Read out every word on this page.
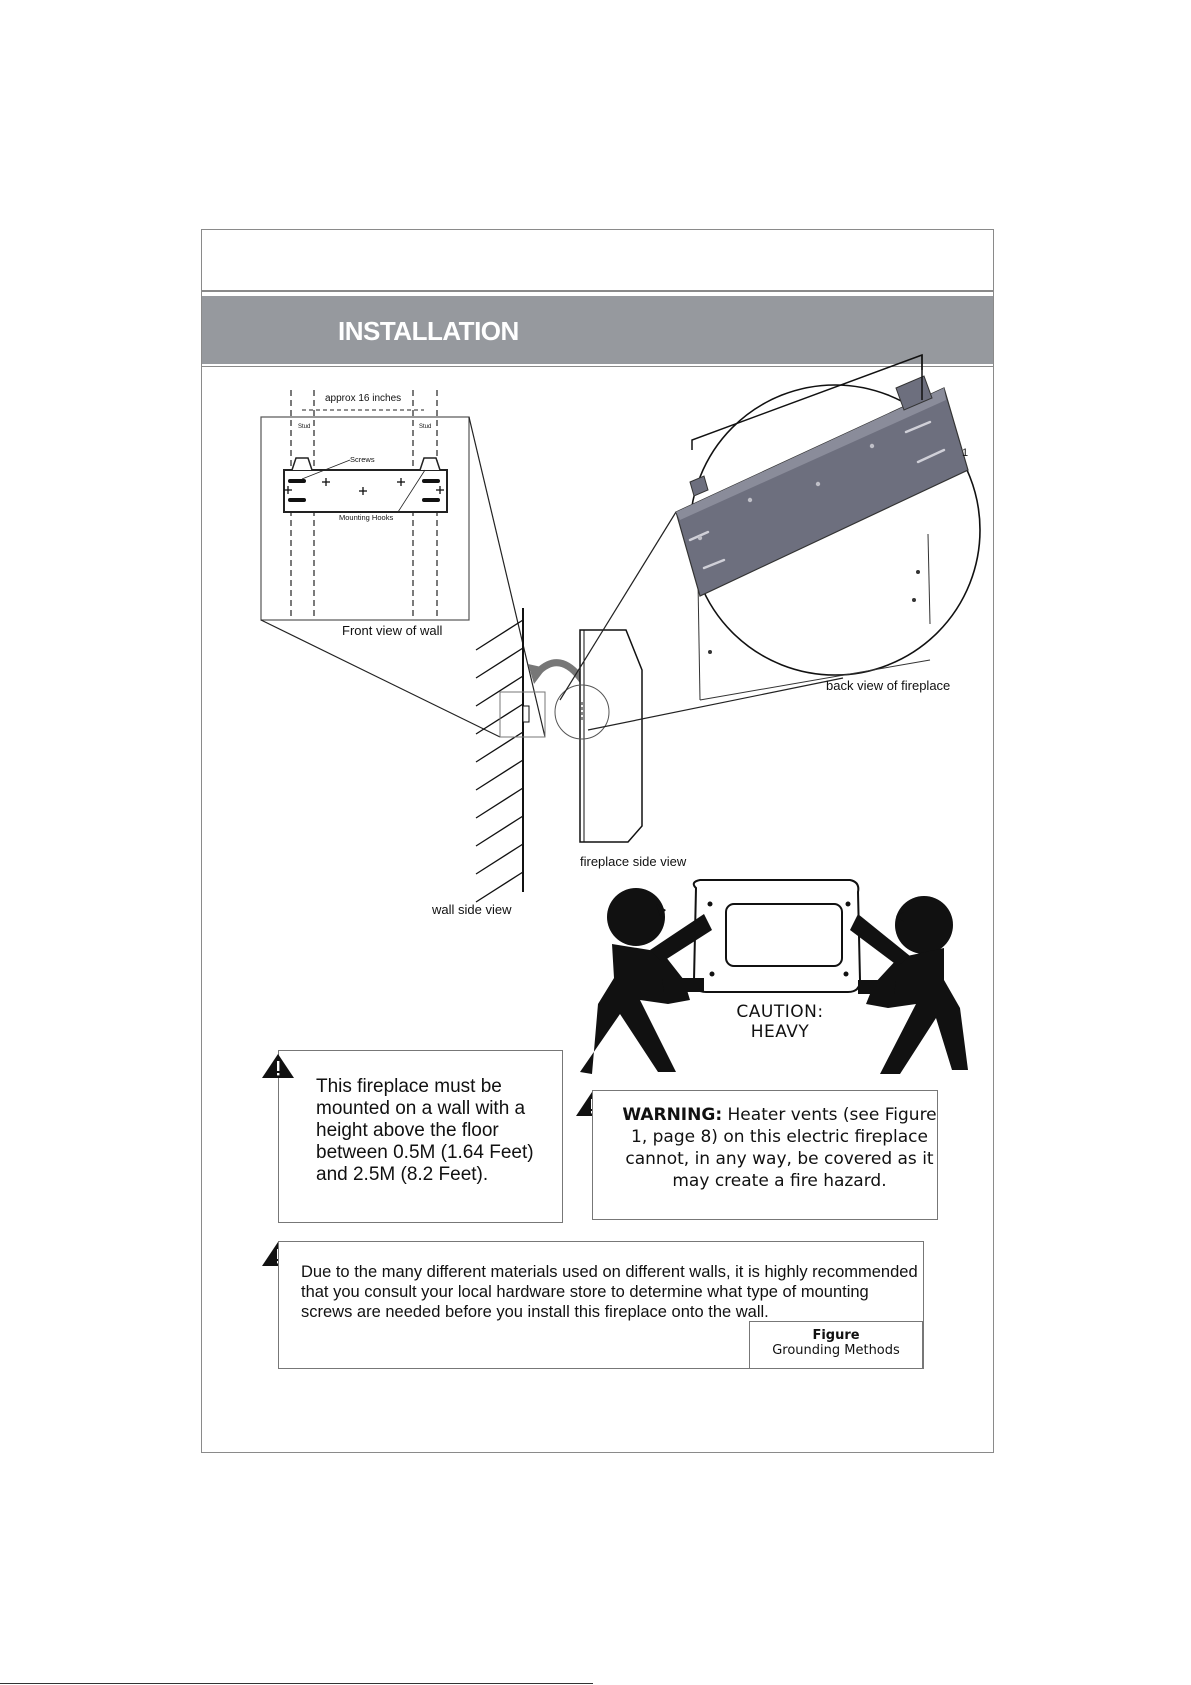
INSTALLATION
approx 16 inches
Stud	Stud
Screws
Mounting Hooks
Front view of wall
back view of fireplace
1
fireplace side view
wall side view
CAUTION:
HEAVY
This fireplace must be mounted on a wall with a height above the floor between 0.5M (1.64 Feet) and 2.5M (8.2 Feet).
WARNING: Heater vents (see Figure 1, page 8) on this electric fireplace cannot, in any way, be covered as it may create a fire hazard.
Due to the many different materials used on different walls, it is highly recommended that you consult your local hardware store to determine what type of mounting screws are needed before you install this fireplace onto the wall.
Figure
Grounding Methods
